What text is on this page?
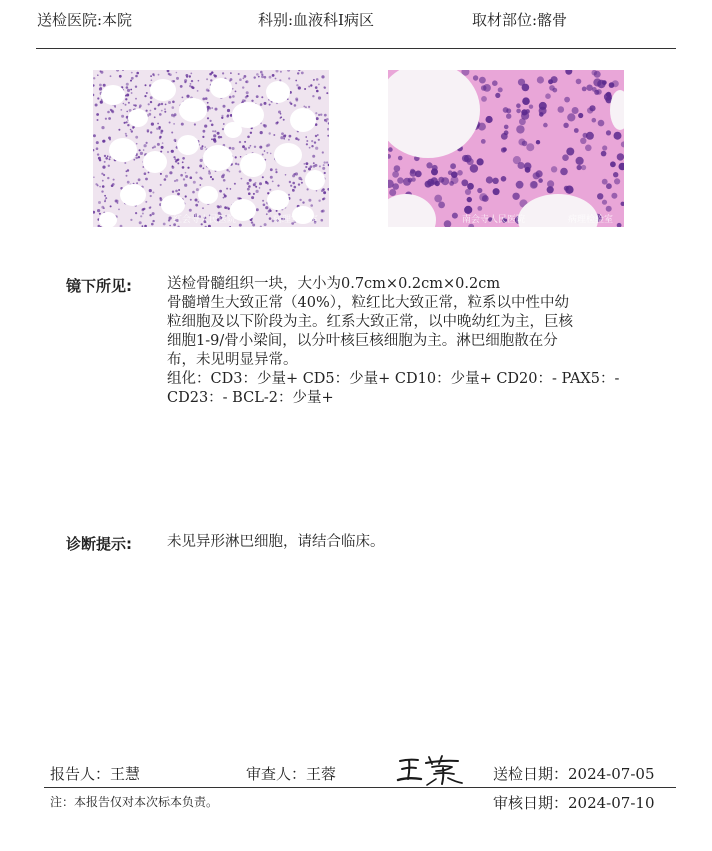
送检医院:本院	科别:血液科I病区	取材部位:髂骨
红会寺人民医院	病理实验室	南会寺人民医院	病理检验室
镜下所见: 送检骨髓组织一块，大小为0.7cm×0.2cm×0.2cm
骨髓增生大致正常（40%），粒红比大致正常，粒系以中性中幼
粒细胞及以下阶段为主。红系大致正常，以中晚幼红为主，巨核
细胞1-9/骨小梁间，以分叶核巨核细胞为主。淋巴细胞散在分
布，未见明显异常。
组化：CD3：少量+ CD5：少量+ CD10：少量+ CD20：- PAX5：-
CD23：- BCL-2：少量+
诊断提示: 未见异形淋巴细胞，请结合临床。
报告人：王慧	审查人：王蓉	送检日期：2024-07-05
注：本报告仅对本次标本负责。	审核日期：2024-07-10
